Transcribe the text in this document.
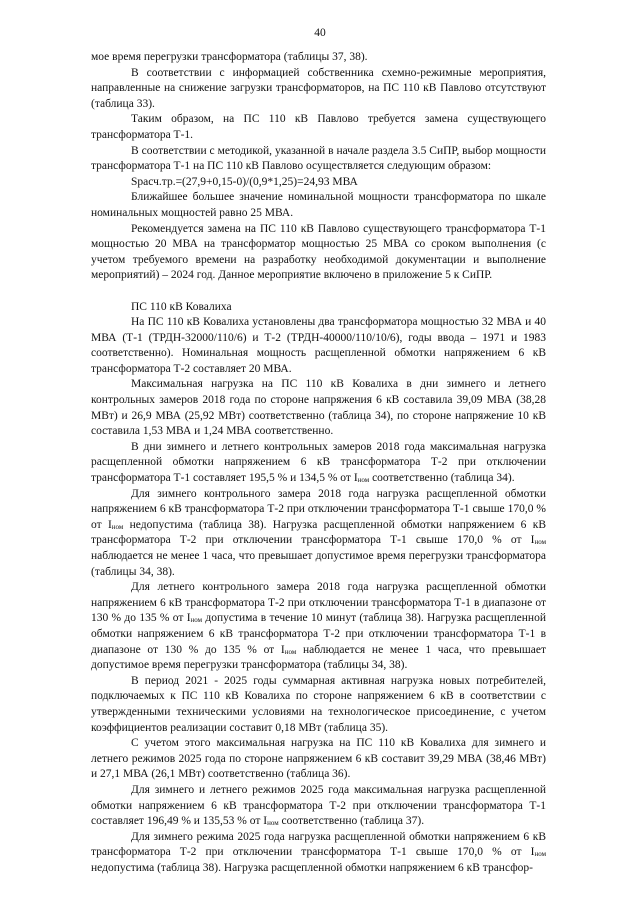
40

мое время перегрузки трансформатора (таблицы 37, 38).

В соответствии с информацией собственника схемно-режимные мероприятия, направленные на снижение загрузки трансформаторов, на ПС 110 кВ Павлово отсутствуют (таблица 33).

Таким образом, на ПС 110 кВ Павлово требуется замена существующего трансформатора Т-1.

В соответствии с методикой, указанной в начале раздела 3.5 СиПР, выбор мощности трансформатора Т-1 на ПС 110 кВ Павлово осуществляется следующим образом:

Sрасч.тр.=(27,9+0,15-0)/(0,9*1,25)=24,93 МВА

Ближайшее большее значение номинальной мощности трансформатора по шкале номинальных мощностей равно 25 МВА.

Рекомендуется замена на ПС 110 кВ Павлово существующего трансформатора Т-1 мощностью 20 МВА на трансформатор мощностью 25 МВА со сроком выполнения (с учетом требуемого времени на разработку необходимой документации и выполнение мероприятий) – 2024 год. Данное мероприятие включено в приложение 5 к СиПР.

ПС 110 кВ Ковалиха

На ПС 110 кВ Ковалиха установлены два трансформатора мощностью 32 МВА и 40 МВА (Т-1 (ТРДН-32000/110/6) и Т-2 (ТРДН-40000/110/10/6), годы ввода – 1971 и 1983 соответственно). Номинальная мощность расщепленной обмотки напряжением 6 кВ трансформатора Т-2 составляет 20 МВА.

Максимальная нагрузка на ПС 110 кВ Ковалиха в дни зимнего и летнего контрольных замеров 2018 года по стороне напряжения 6 кВ составила 39,09 МВА (38,28 МВт) и 26,9 МВА (25,92 МВт) соответственно (таблица 34), по стороне напряжение 10 кВ составила 1,53 МВА и 1,24 МВА соответственно.

В дни зимнего и летнего контрольных замеров 2018 года максимальная нагрузка расщепленной обмотки напряжением 6 кВ трансформатора Т-2 при отключении трансформатора Т-1 составляет 195,5 % и 134,5 % от $I_{ном}$ соответственно (таблица 34).

Для зимнего контрольного замера 2018 года нагрузка расщепленной обмотки напряжением 6 кВ трансформатора Т-2 при отключении трансформатора Т-1 свыше 170,0 % от $I_{ном}$ недопустима (таблица 38). Нагрузка расщепленной обмотки напряжением 6 кВ трансформатора Т-2 при отключении трансформатора Т-1 свыше 170,0 % от $I_{ном}$ наблюдается не менее 1 часа, что превышает допустимое время перегрузки трансформатора (таблицы 34, 38).

Для летнего контрольного замера 2018 года нагрузка расщепленной обмотки напряжением 6 кВ трансформатора Т-2 при отключении трансформатора Т-1 в диапазоне от 130 % до 135 % от $I_{ном}$ допустима в течение 10 минут (таблица 38). Нагрузка расщепленной обмотки напряжением 6 кВ трансформатора Т-2 при отключении трансформатора Т-1 в диапазоне от 130 % до 135 % от $I_{ном}$ наблюдается не менее 1 часа, что превышает допустимое время перегрузки трансформатора (таблицы 34, 38).

В период 2021 - 2025 годы суммарная активная нагрузка новых потребителей, подключаемых к ПС 110 кВ Ковалиха по стороне напряжением 6 кВ в соответствии с утвержденными техническими условиями на технологическое присоединение, с учетом коэффициентов реализации составит 0,18 МВт (таблица 35).

С учетом этого максимальная нагрузка на ПС 110 кВ Ковалиха для зимнего и летнего режимов 2025 года по стороне напряжением 6 кВ составит 39,29 МВА (38,46 МВт) и 27,1 МВА (26,1 МВт) соответственно (таблица 36).

Для зимнего и летнего режимов 2025 года максимальная нагрузка расщепленной обмотки напряжением 6 кВ трансформатора Т-2 при отключении трансформатора Т-1 составляет 196,49 % и 135,53 % от $I_{ном}$ соответственно (таблица 37).

Для зимнего режима 2025 года нагрузка расщепленной обмотки напряжением 6 кВ трансформатора Т-2 при отключении трансформатора Т-1 свыше 170,0 % от $I_{ном}$ недопустима (таблица 38). Нагрузка расщепленной обмотки напряжением 6 кВ трансфор-
